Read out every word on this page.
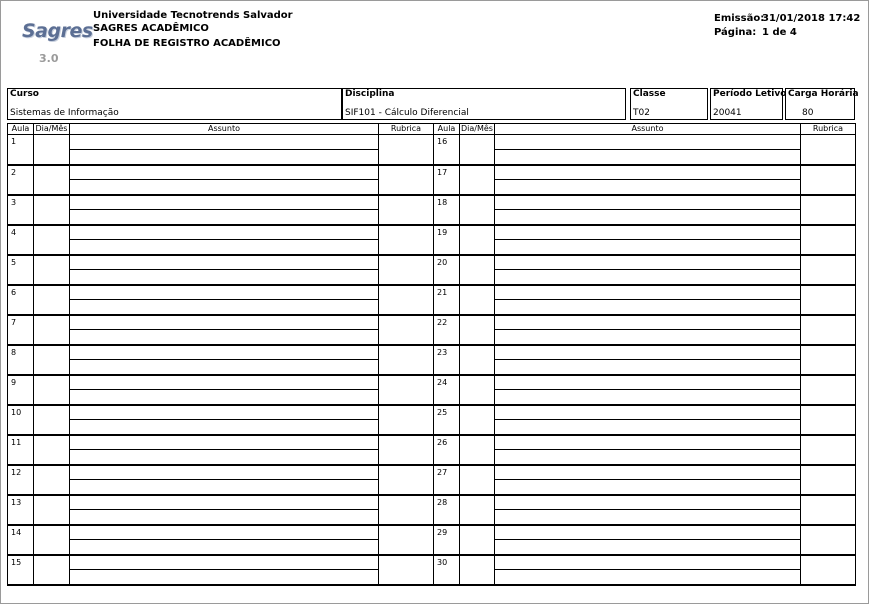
Sagres
3.0
Universidade Tecnotrends Salvador
SAGRES ACADÊMICO
FOLHA DE REGISTRO ACADÊMICO
Emissão:
31/01/2018 17:42
Página: 1 de 4
Curso
Sistemas de Informação
Disciplina
SIF101 - Cálculo Diferencial
Classe
T02
Período Letivo
20041
Carga Horária
80
Aula	Dia/Mês	Assunto	Rubrica
1			

2			

3			

4			

5			

6			

7			

8			

9			

10			

11			

12			

13			

14			

15			

Aula	Dia/Mês	Assunto	Rubrica
16			

17			

18			

19			

20			

21			

22			

23			

24			

25			

26			

27			

28			

29			

30			
